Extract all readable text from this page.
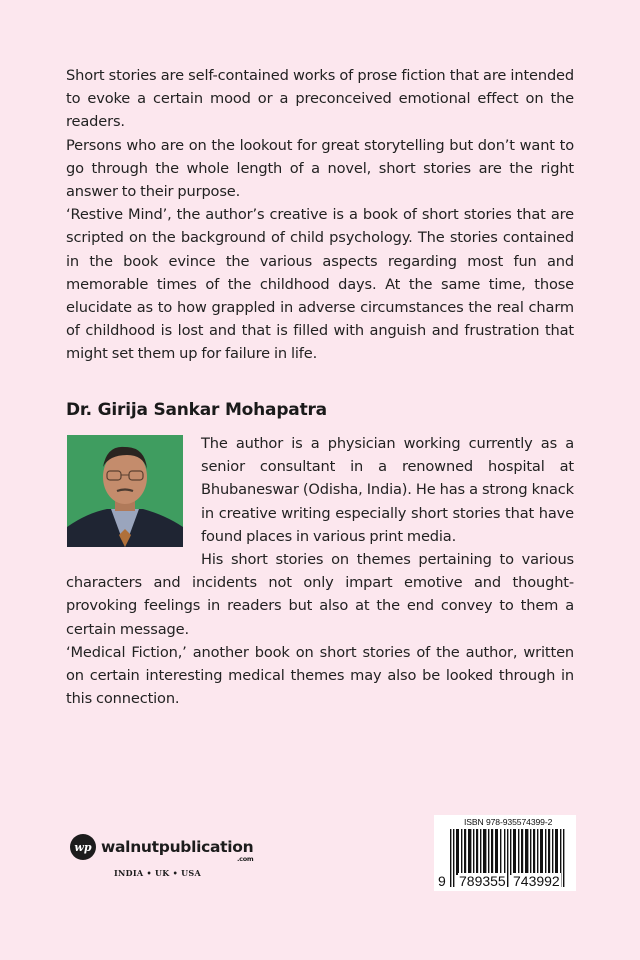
Short stories are self-contained works of prose fiction that are intended to evoke a certain mood or a preconceived emotional effect on the readers.

Persons who are on the lookout for great storytelling but don’t want to go through the whole length of a novel, short stories are the right answer to their purpose.

‘Restive Mind’, the author’s creative is a book of short stories that are scripted on the background of child psychology. The stories contained in the book evince the various aspects regarding most fun and memorable times of the childhood days. At the same time, those elucidate as to how grappled in adverse circumstances the real charm of childhood is lost and that is filled with anguish and frustration that might set them up for failure in life.

Dr. Girija Sankar Mohapatra

The author is a physician working currently as a senior consultant in a renowned hospital at Bhubaneswar (Odisha, India). He has a strong knack in creative writing especially short stories that have found places in various print media.

His short stories on themes pertaining to various characters and incidents not only impart emotive and thought-provoking feelings in readers but also at the end convey to them a certain message.

‘Medical Fiction,’ another book on short stories of the author, written on certain interesting medical themes may also be looked through in this connection.

wp walnutpublication
.com
INDIA • UK • USA
ISBN 978-935574399-2
9 789355 743992
